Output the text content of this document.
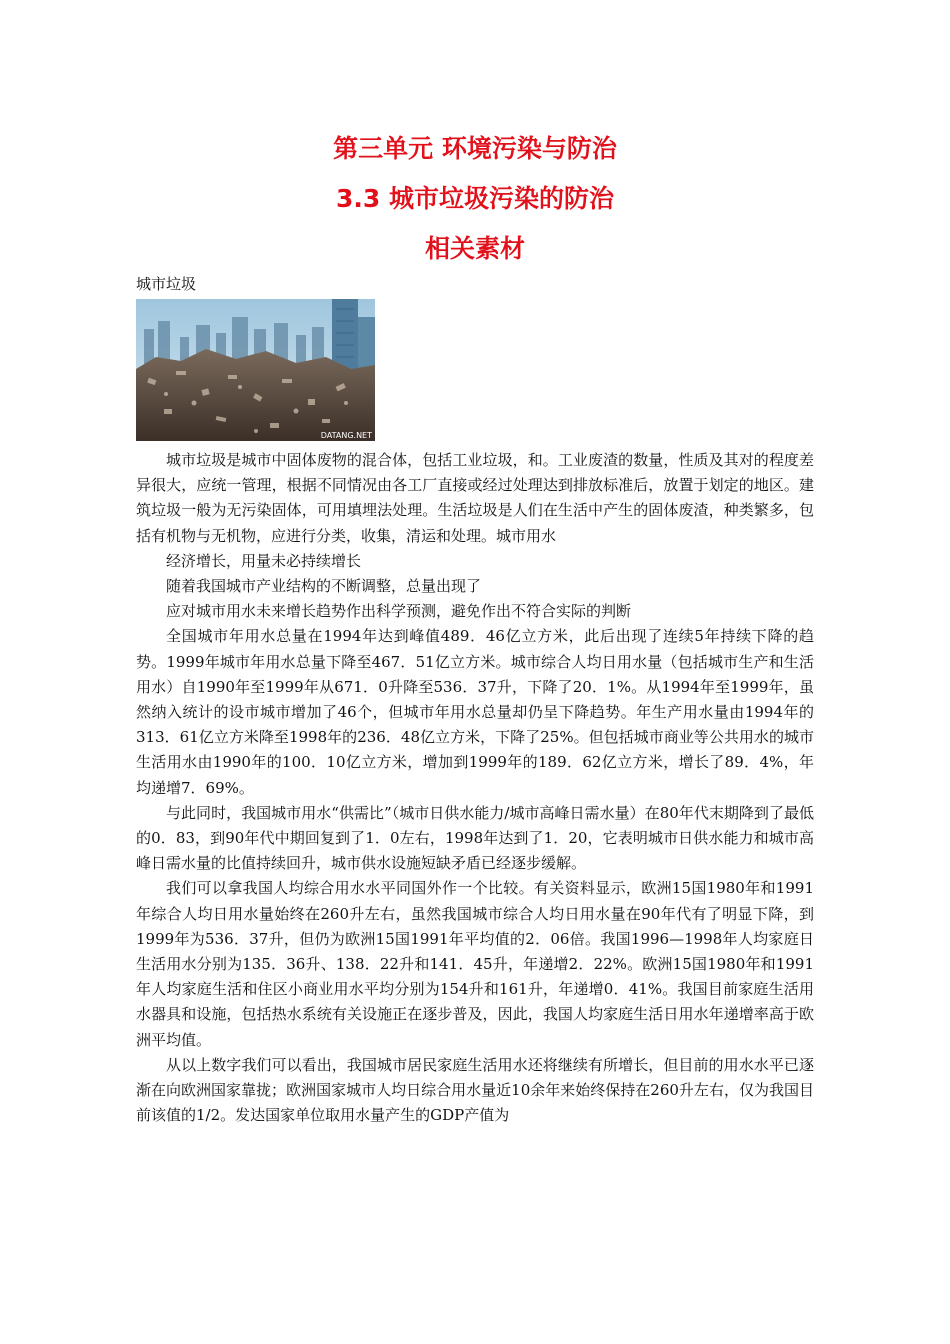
第三单元 环境污染与防治
3.3 城市垃圾污染的防治
相关素材
城市垃圾
DATANG.NET

城市垃圾是城市中固体废物的混合体，包括工业垃圾，和。工业废渣的数量，性质及其对的程度差异很大，应统一管理，根据不同情况由各工厂直接或经过处理达到排放标准后，放置于划定的地区。建筑垃圾一般为无污染固体，可用填埋法处理。生活垃圾是人们在生活中产生的固体废渣，种类繁多，包括有机物与无机物，应进行分类，收集，清运和处理。城市用水

经济增长，用量未必持续增长

随着我国城市产业结构的不断调整，总量出现了

应对城市用水未来增长趋势作出科学预测，避免作出不符合实际的判断

全国城市年用水总量在1994年达到峰值489．46亿立方米，此后出现了连续5年持续下降的趋势。1999年城市年用水总量下降至467．51亿立方米。城市综合人均日用水量（包括城市生产和生活用水）自1990年至1999年从671．0升降至536．37升，下降了20．1%。从1994年至1999年，虽然纳入统计的设市城市增加了46个，但城市年用水总量却仍呈下降趋势。年生产用水量由1994年的313．61亿立方米降至1998年的236．48亿立方米，下降了25%。但包括城市商业等公共用水的城市生活用水由1990年的100．10亿立方米，增加到1999年的189．62亿立方米，增长了89．4%，年均递增7．69%。

与此同时，我国城市用水“供需比”（城市日供水能力/城市高峰日需水量）在80年代末期降到了最低的0．83，到90年代中期回复到了1．0左右，1998年达到了1．20，它表明城市日供水能力和城市高峰日需水量的比值持续回升，城市供水设施短缺矛盾已经逐步缓解。

我们可以拿我国人均综合用水水平同国外作一个比较。有关资料显示，欧洲15国1980年和1991年综合人均日用水量始终在260升左右，虽然我国城市综合人均日用水量在90年代有了明显下降，到1999年为536．37升，但仍为欧洲15国1991年平均值的2．06倍。我国1996—1998年人均家庭日生活用水分别为135．36升、138．22升和141．45升，年递增2．22%。欧洲15国1980年和1991年人均家庭生活和住区小商业用水平均分别为154升和161升，年递增0．41%。我国目前家庭生活用水器具和设施，包括热水系统有关设施正在逐步普及，因此，我国人均家庭生活日用水年递增率高于欧洲平均值。

从以上数字我们可以看出，我国城市居民家庭生活用水还将继续有所增长，但目前的用水水平已逐渐在向欧洲国家靠拢；欧洲国家城市人均日综合用水量近10余年来始终保持在260升左右，仅为我国目前该值的1/2。发达国家单位取用水量产生的GDP产值为
